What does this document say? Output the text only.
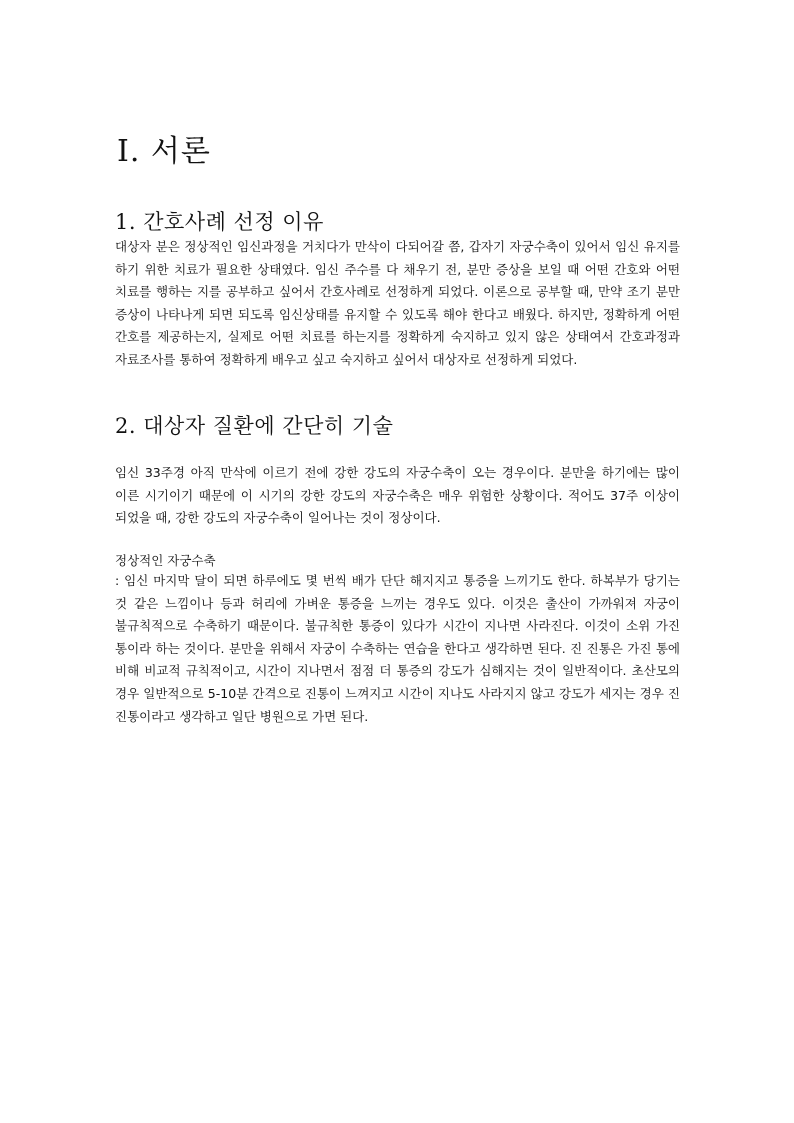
Ⅰ. 서론
1. 간호사례 선정 이유

대상자 분은 정상적인 임신과정을 거치다가 만삭이 다되어갈 쯤, 갑자기 자궁수축이 있어서 임신 유지를 하기 위한 치료가 필요한 상태였다. 임신 주수를 다 채우기 전, 분만 증상을 보일 때 어떤 간호와 어떤 치료를 행하는 지를 공부하고 싶어서 간호사례로 선정하게 되었다. 이론으로 공부할 때, 만약 조기 분만 증상이 나타나게 되면 되도록 임신상태를 유지할 수 있도록 해야 한다고 배웠다. 하지만, 정확하게 어떤 간호를 제공하는지, 실제로 어떤 치료를 하는지를 정확하게 숙지하고 있지 않은 상태여서 간호과정과 자료조사를 통하여 정확하게 배우고 싶고 숙지하고 싶어서 대상자로 선정하게 되었다.

2. 대상자 질환에 간단히 기술

임신 33주경 아직 만삭에 이르기 전에 강한 강도의 자궁수축이 오는 경우이다. 분만을 하기에는 많이 이른 시기이기 때문에 이 시기의 강한 강도의 자궁수축은 매우 위험한 상황이다. 적어도 37주 이상이 되었을 때, 강한 강도의 자궁수축이 일어나는 것이 정상이다.

정상적인 자궁수축

: 임신 마지막 달이 되면 하루에도 몇 번씩 배가 단단 해지지고 통증을 느끼기도 한다. 하복부가 당기는 것 같은 느낌이나 등과 허리에 가벼운 통증을 느끼는 경우도 있다. 이것은 출산이 가까워져 자궁이 불규칙적으로 수축하기 때문이다. 불규칙한 통증이 있다가 시간이 지나면 사라진다. 이것이 소위 가진 통이라 하는 것이다. 분만을 위해서 자궁이 수축하는 연습을 한다고 생각하면 된다. 진 진통은 가진 통에 비해 비교적 규칙적이고, 시간이 지나면서 점점 더 통증의 강도가 심해지는 것이 일반적이다. 초산모의 경우 일반적으로 5-10분 간격으로 진통이 느껴지고 시간이 지나도 사라지지 않고 강도가 세지는 경우 진 진통이라고 생각하고 일단 병원으로 가면 된다.
